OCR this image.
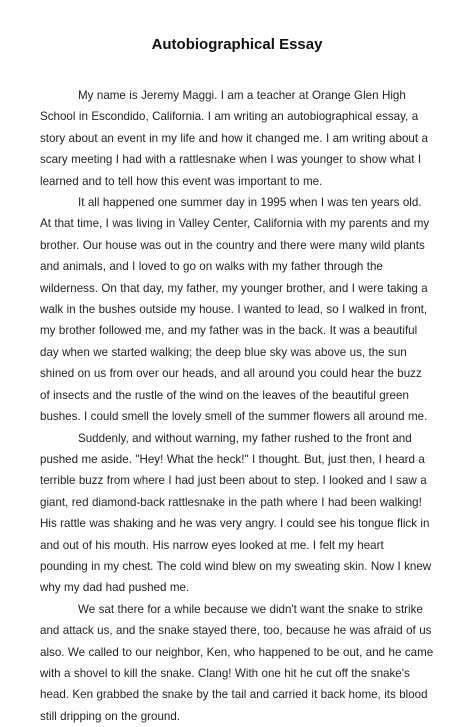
Autobiographical Essay

My name is Jeremy Maggi. I am a teacher at Orange Glen High School in Escondido, California. I am writing an autobiographical essay, a story about an event in my life and how it changed me. I am writing about a scary meeting I had with a rattlesnake when I was younger to show what I learned and to tell how this event was important to me.

It all happened one summer day in 1995 when I was ten years old. At that time, I was living in Valley Center, California with my parents and my brother. Our house was out in the country and there were many wild plants and animals, and I loved to go on walks with my father through the wilderness. On that day, my father, my younger brother, and I were taking a walk in the bushes outside my house. I wanted to lead, so I walked in front, my brother followed me, and my father was in the back. It was a beautiful day when we started walking; the deep blue sky was above us, the sun shined on us from over our heads, and all around you could hear the buzz of insects and the rustle of the wind on the leaves of the beautiful green bushes. I could smell the lovely smell of the summer flowers all around me.

Suddenly, and without warning, my father rushed to the front and pushed me aside. "Hey! What the heck!" I thought. But, just then, I heard a terrible buzz from where I had just been about to step. I looked and I saw a giant, red diamond-back rattlesnake in the path where I had been walking! His rattle was shaking and he was very angry. I could see his tongue flick in and out of his mouth. His narrow eyes looked at me. I felt my heart pounding in my chest. The cold wind blew on my sweating skin. Now I knew why my dad had pushed me.

We sat there for a while because we didn't want the snake to strike and attack us, and the snake stayed there, too, because he was afraid of us also. We called to our neighbor, Ken, who happened to be out, and he came with a shovel to kill the snake. Clang! With one hit he cut off the snake's head. Ken grabbed the snake by the tail and carried it back home, its blood still dripping on the ground.
